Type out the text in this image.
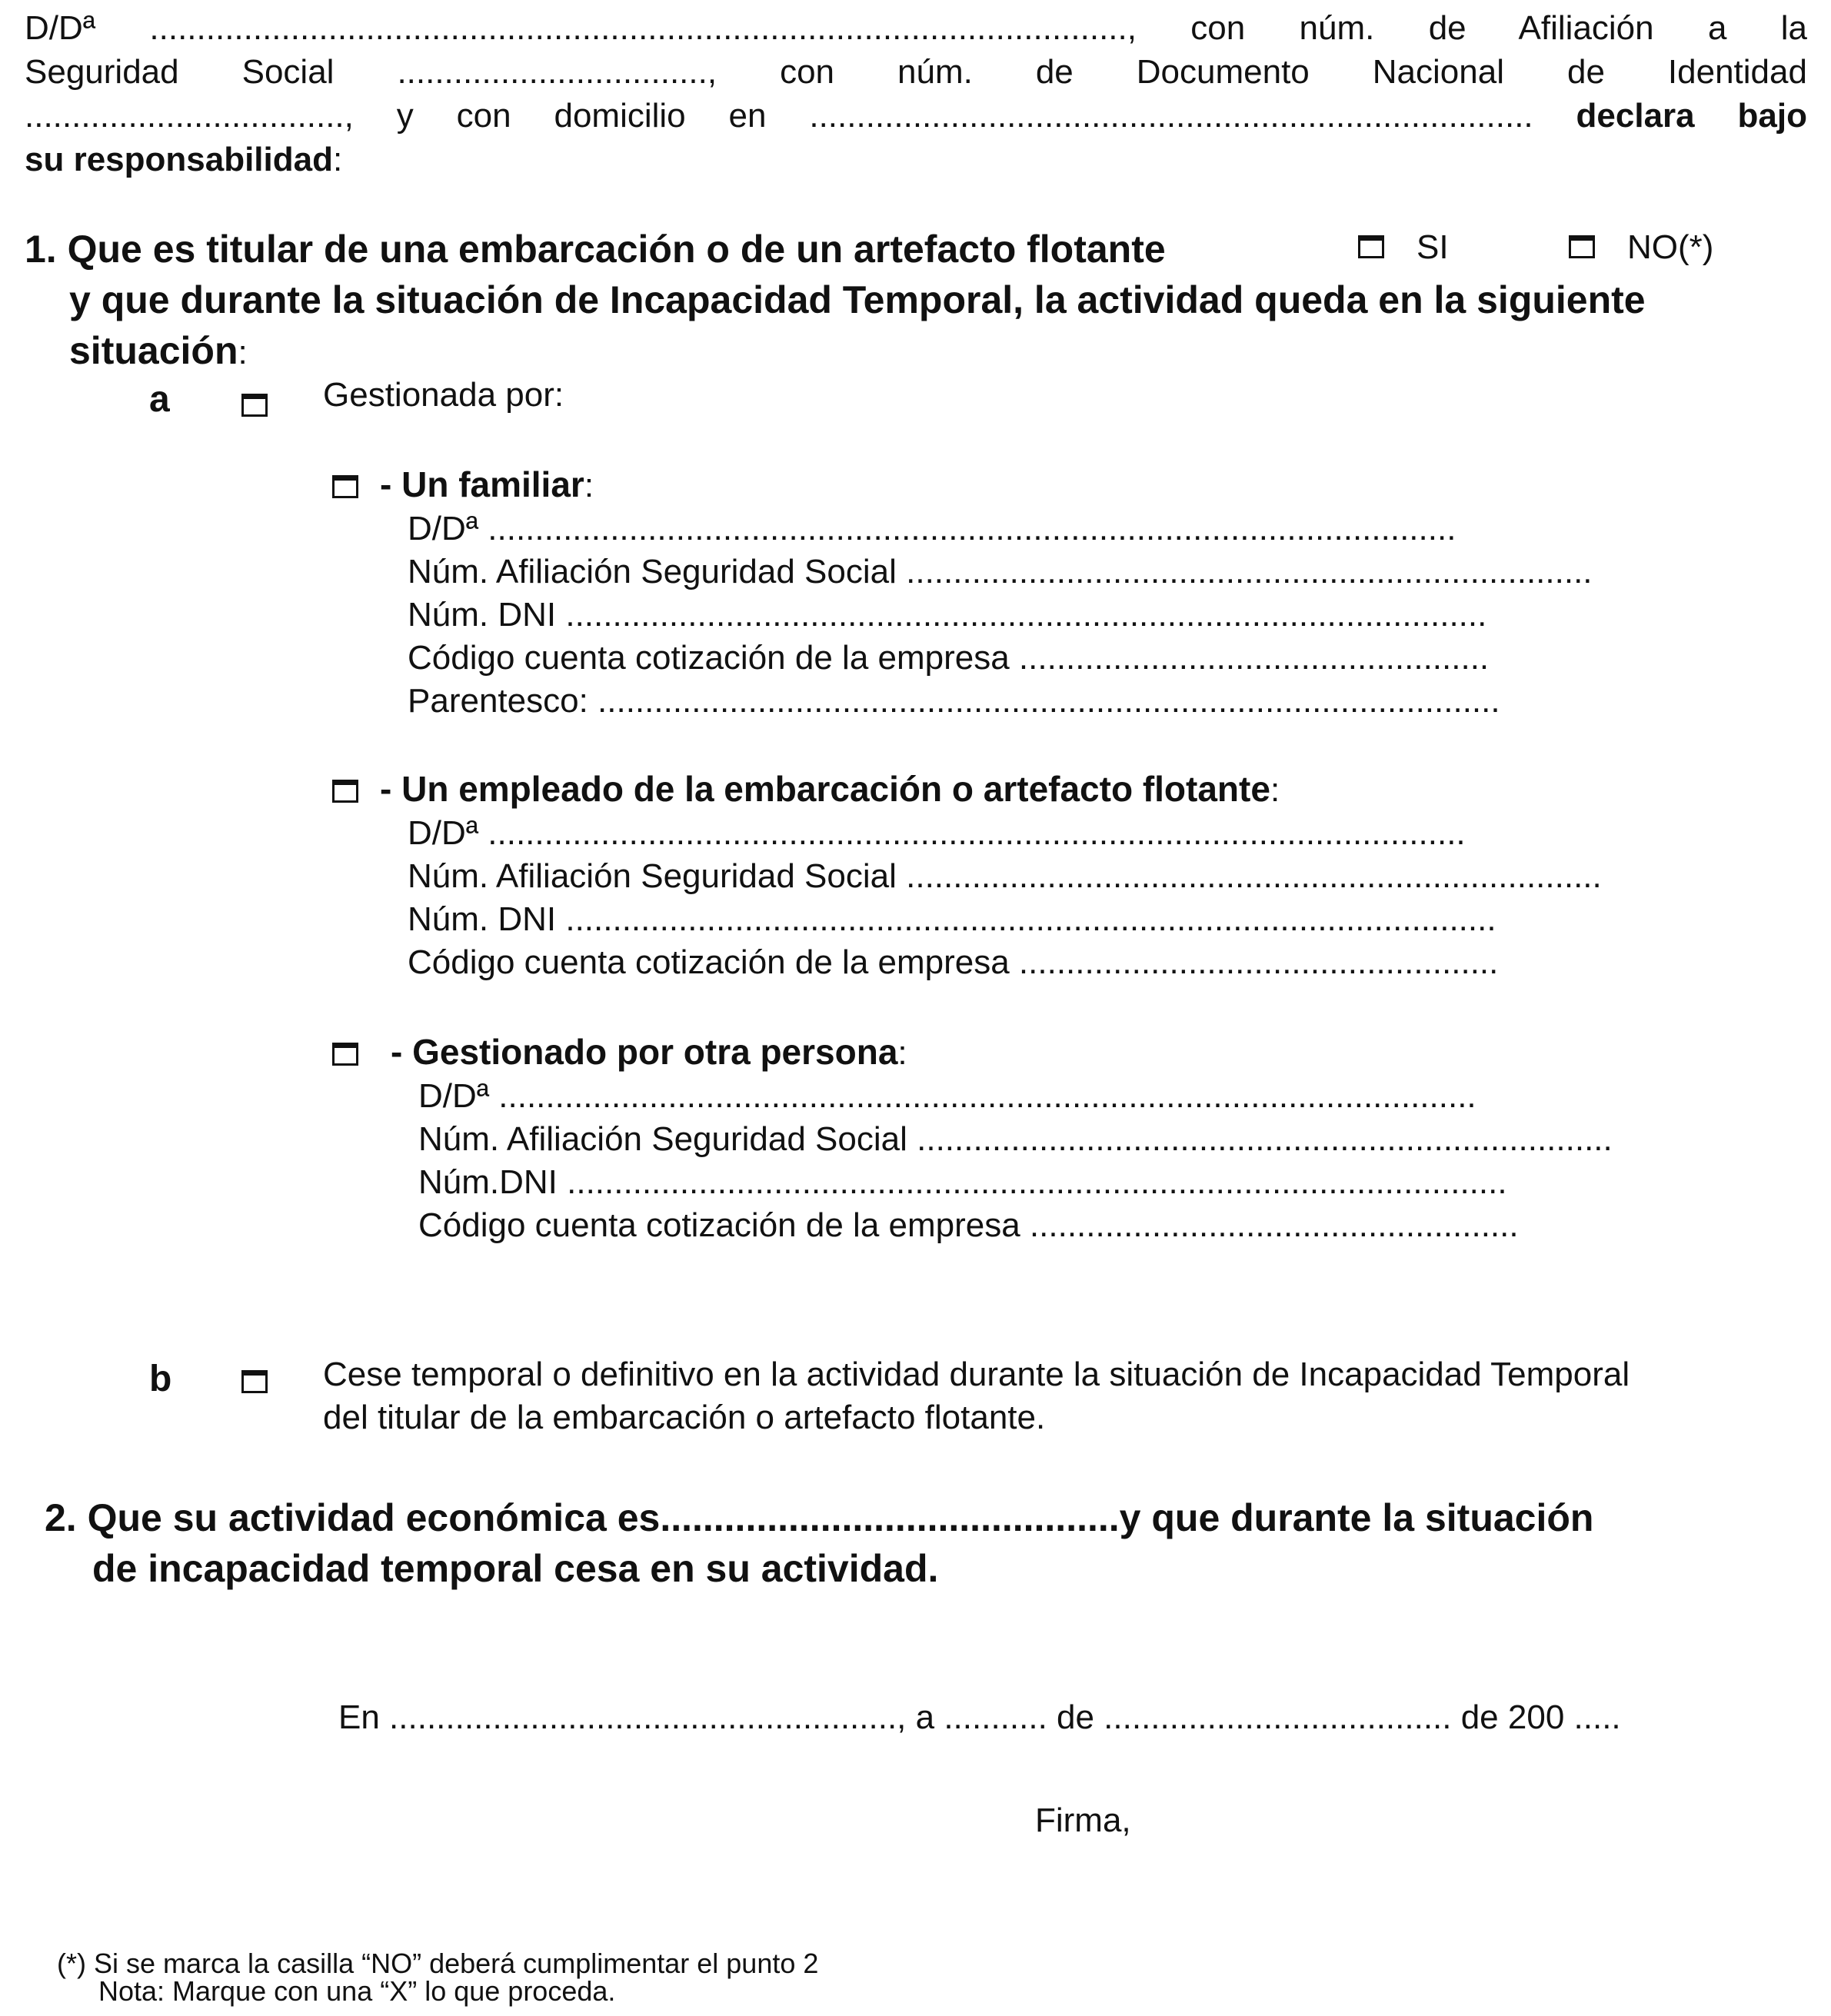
D/Dª ........................................................................................................, con núm. de Afiliación a la
Seguridad Social ................................., con núm. de Documento Nacional de Identidad
.................................., y con domicilio en ............................................................................. declara bajo
su responsabilidad:
1. Que es titular de una embarcación o de un artefacto flotante	SI	NO(*)
y que durante la situación de Incapacidad Temporal, la actividad queda en la siguiente
situación:
a	Gestionada por:
- Un familiar:
D/Dª .......................................................................................................
Núm. Afiliación Seguridad Social .........................................................................
Núm. DNI ..................................................................................................
Código cuenta cotización de la empresa ..................................................
Parentesco: ................................................................................................
- Un empleado de la embarcación o artefacto flotante:
D/Dª ........................................................................................................
Núm. Afiliación Seguridad Social ..........................................................................
Núm. DNI ...................................................................................................
Código cuenta cotización de la empresa ...................................................
- Gestionado por otra persona:
D/Dª ........................................................................................................
Núm. Afiliación Seguridad Social ..........................................................................
Núm.DNI ....................................................................................................
Código cuenta cotización de la empresa ....................................................
b	Cese temporal o definitivo en la actividad durante la situación de Incapacidad Temporal
del titular de la embarcación o artefacto flotante.
2. Que su actividad económica es...........................................y que durante la situación
de incapacidad temporal cesa en su actividad.
En ......................................................, a ........... de ..................................... de 200 .....
Firma,
(*) Si se marca la casilla “NO” deberá cumplimentar el punto 2
Nota: Marque con una “X” lo que proceda.
